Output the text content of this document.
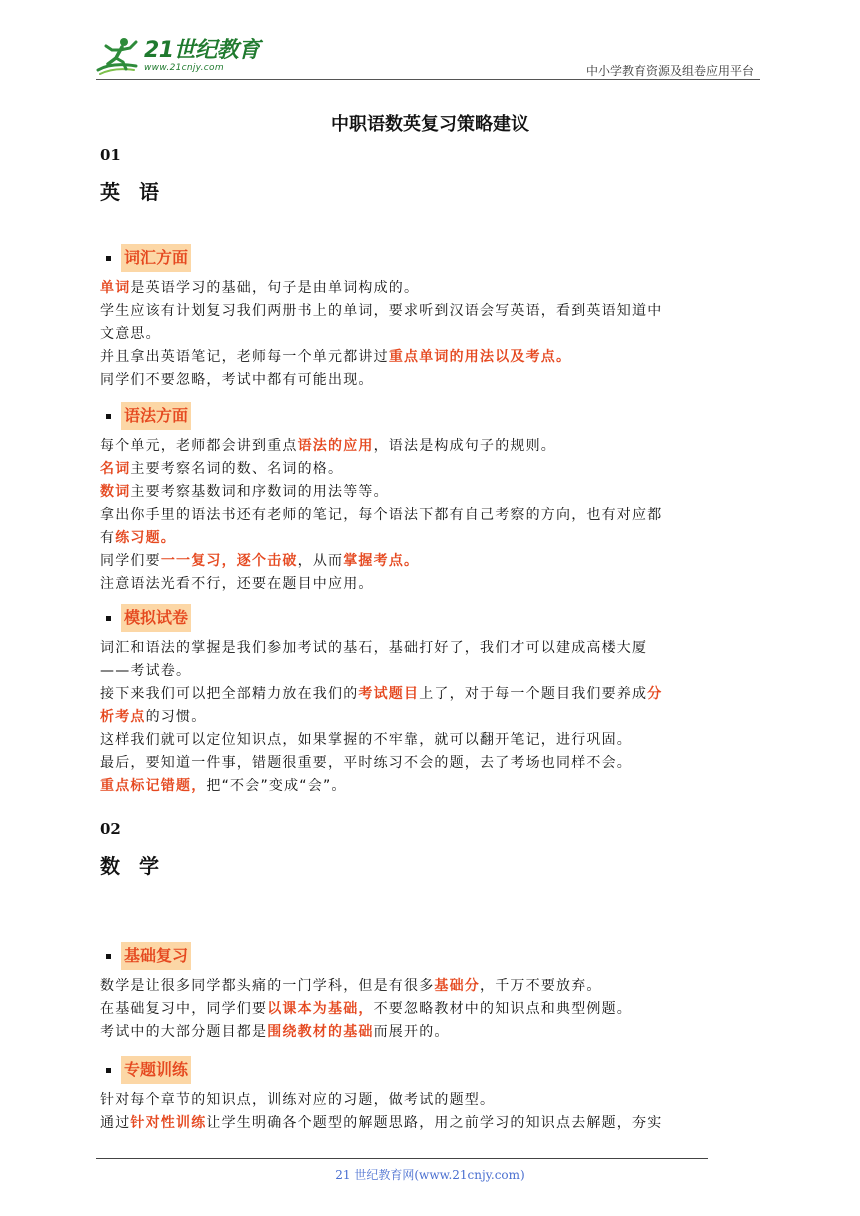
21世纪教育
www.21cnjy.com	中小学教育资源及组卷应用平台
中职语数英复习策略建议
01
英 语
词汇方面

单词是英语学习的基础，句子是由单词构成的。

学生应该有计划复习我们两册书上的单词，要求听到汉语会写英语，看到英语知道中

文意思。

并且拿出英语笔记，老师每一个单元都讲过重点单词的用法以及考点。

同学们不要忽略，考试中都有可能出现。

语法方面

每个单元，老师都会讲到重点语法的应用，语法是构成句子的规则。

名词主要考察名词的数、名词的格。

数词主要考察基数词和序数词的用法等等。

拿出你手里的语法书还有老师的笔记，每个语法下都有自己考察的方向，也有对应都

有练习题。

同学们要一一复习，逐个击破，从而掌握考点。

注意语法光看不行，还要在题目中应用。

模拟试卷

词汇和语法的掌握是我们参加考试的基石，基础打好了，我们才可以建成高楼大厦

——考试卷。

接下来我们可以把全部精力放在我们的考试题目上了，对于每一个题目我们要养成分

析考点的习惯。

这样我们就可以定位知识点，如果掌握的不牢靠，就可以翻开笔记，进行巩固。

最后，要知道一件事，错题很重要，平时练习不会的题，去了考场也同样不会。

重点标记错题，把“不会”变成“会”。

02
数 学
基础复习

数学是让很多同学都头痛的一门学科，但是有很多基础分，千万不要放弃。

在基础复习中，同学们要以课本为基础，不要忽略教材中的知识点和典型例题。

考试中的大部分题目都是围绕教材的基础而展开的。

专题训练

针对每个章节的知识点，训练对应的习题，做考试的题型。

通过针对性训练让学生明确各个题型的解题思路，用之前学习的知识点去解题，夯实

21 世纪教育网(www.21cnjy.com)
